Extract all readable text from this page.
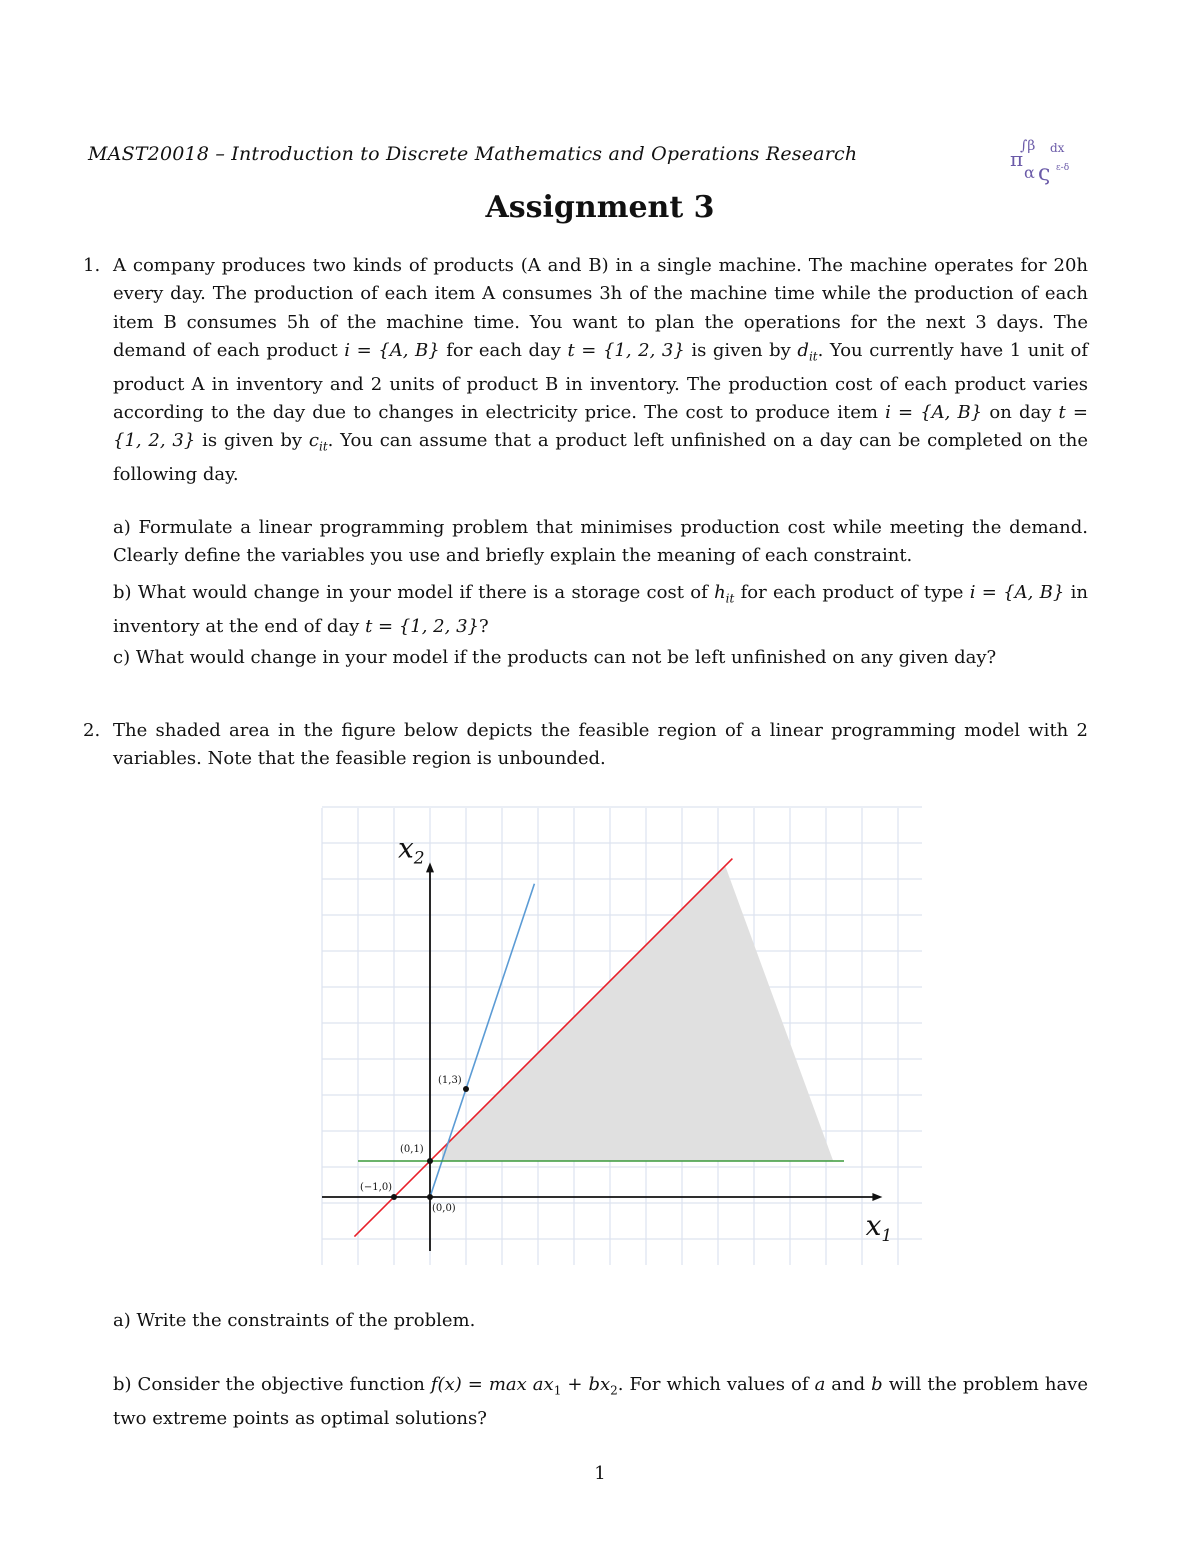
MAST20018 – Introduction to Discrete Mathematics and Operations Research	∫β dx
π
α ς ε-δ
Assignment 3
1. A company produces two kinds of products (A and B) in a single machine. The machine operates for 20h every day. The production of each item A consumes 3h of the machine time while the production of each item B consumes 5h of the machine time. You want to plan the operations for the next 3 days. The demand of each product i = {A, B} for each day t = {1, 2, 3} is given by $d_{it}$. You currently have 1 unit of product A in inventory and 2 units of product B in inventory. The production cost of each product varies according to the day due to changes in electricity price. The cost to produce item i = {A, B} on day t = {1, 2, 3} is given by $c_{it}$. You can assume that a product left unfinished on a day can be completed on the following day.

a) Formulate a linear programming problem that minimises production cost while meeting the demand. Clearly define the variables you use and briefly explain the meaning of each constraint.

b) What would change in your model if there is a storage cost of $h_{it}$ for each product of type i = {A, B} in inventory at the end of day t = {1, 2, 3}?

c) What would change in your model if the products can not be left unfinished on any given day?

2. The shaded area in the figure below depicts the feasible region of a linear programming model with 2 variables. Note that the feasible region is unbounded.

$x_1$
$x_2$
(1,3)
(0,1)
(−1,0)
(0,0)

a) Write the constraints of the problem.

b) Consider the objective function $f(x) = \max ax_1 + bx_2$. For which values of a and b will the problem have two extreme points as optimal solutions?

1
